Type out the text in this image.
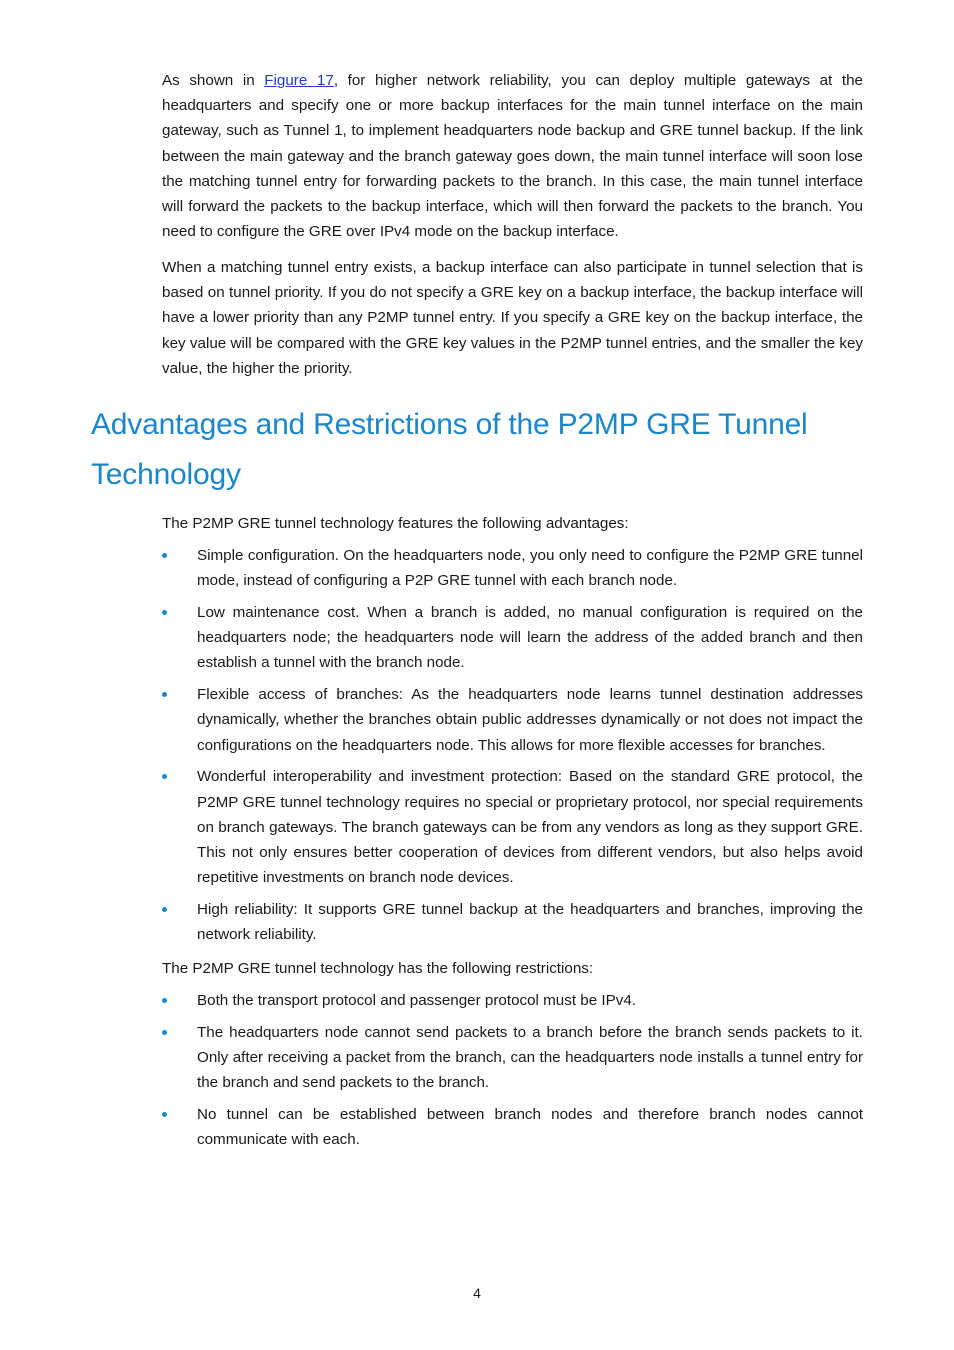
As shown in Figure 17, for higher network reliability, you can deploy multiple gateways at the headquarters and specify one or more backup interfaces for the main tunnel interface on the main gateway, such as Tunnel 1, to implement headquarters node backup and GRE tunnel backup. If the link between the main gateway and the branch gateway goes down, the main tunnel interface will soon lose the matching tunnel entry for forwarding packets to the branch. In this case, the main tunnel interface will forward the packets to the backup interface, which will then forward the packets to the branch. You need to configure the GRE over IPv4 mode on the backup interface.

When a matching tunnel entry exists, a backup interface can also participate in tunnel selection that is based on tunnel priority. If you do not specify a GRE key on a backup interface, the backup interface will have a lower priority than any P2MP tunnel entry. If you specify a GRE key on the backup interface, the key value will be compared with the GRE key values in the P2MP tunnel entries, and the smaller the key value, the higher the priority.

Advantages and Restrictions of the P2MP GRE Tunnel Technology

The P2MP GRE tunnel technology features the following advantages:

Simple configuration. On the headquarters node, you only need to configure the P2MP GRE tunnel mode, instead of configuring a P2P GRE tunnel with each branch node.
Low maintenance cost. When a branch is added, no manual configuration is required on the headquarters node; the headquarters node will learn the address of the added branch and then establish a tunnel with the branch node.
Flexible access of branches: As the headquarters node learns tunnel destination addresses dynamically, whether the branches obtain public addresses dynamically or not does not impact the configurations on the headquarters node. This allows for more flexible accesses for branches.
Wonderful interoperability and investment protection: Based on the standard GRE protocol, the P2MP GRE tunnel technology requires no special or proprietary protocol, nor special requirements on branch gateways. The branch gateways can be from any vendors as long as they support GRE. This not only ensures better cooperation of devices from different vendors, but also helps avoid repetitive investments on branch node devices.
High reliability: It supports GRE tunnel backup at the headquarters and branches, improving the network reliability.

The P2MP GRE tunnel technology has the following restrictions:

Both the transport protocol and passenger protocol must be IPv4.
The headquarters node cannot send packets to a branch before the branch sends packets to it. Only after receiving a packet from the branch, can the headquarters node installs a tunnel entry for the branch and send packets to the branch.
No tunnel can be established between branch nodes and therefore branch nodes cannot communicate with each.
4
